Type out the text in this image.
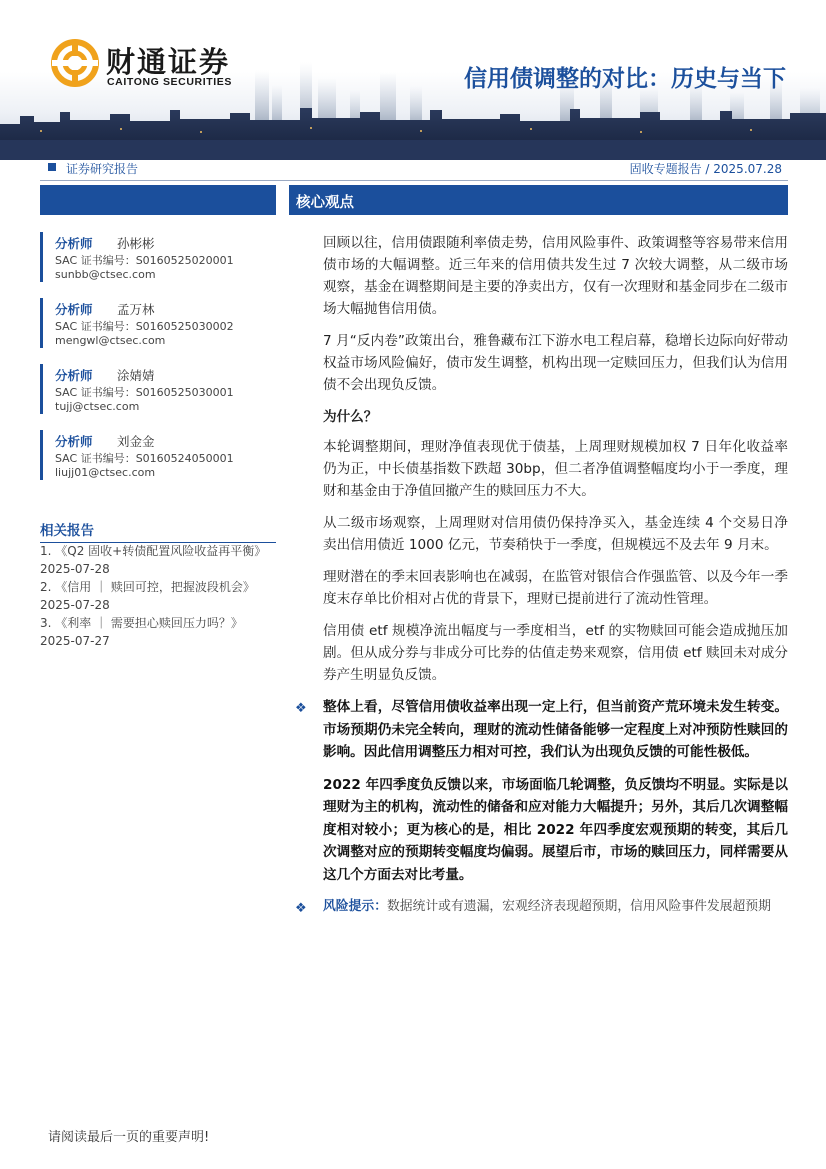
财通证券
CAITONG SECURITIES	信用债调整的对比：历史与当下
证券研究报告	固收专题报告 / 2025.07.28
分析师 孙彬彬
SAC 证书编号：S0160525020001
sunbb@ctsec.com
分析师 孟万林
SAC 证书编号：S0160525030002
mengwl@ctsec.com
分析师 涂婧婧
SAC 证书编号：S0160525030001
tujj@ctsec.com
分析师 刘金金
SAC 证书编号：S0160524050001
liujj01@ctsec.com
相关报告
1. 《Q2 固收+转债配置风险收益再平衡》
2025-07-28
2. 《信用 ｜ 赎回可控，把握波段机会》
2025-07-28
3. 《利率 ｜ 需要担心赎回压力吗？》
2025-07-27
核心观点

回顾以往，信用债跟随利率债走势，信用风险事件、政策调整等容易带来信用债市场的大幅调整。近三年来的信用债共发生过 7 次较大调整，从二级市场观察，基金在调整期间是主要的净卖出方，仅有一次理财和基金同步在二级市场大幅抛售信用债。

7 月“反内卷”政策出台，雅鲁藏布江下游水电工程启幕，稳增长边际向好带动权益市场风险偏好，债市发生调整，机构出现一定赎回压力，但我们认为信用债不会出现负反馈。

为什么？

本轮调整期间，理财净值表现优于债基，上周理财规模加权 7 日年化收益率仍为正，中长债基指数下跌超 30bp，但二者净值调整幅度均小于一季度，理财和基金由于净值回撤产生的赎回压力不大。

从二级市场观察，上周理财对信用债仍保持净买入，基金连续 4 个交易日净卖出信用债近 1000 亿元，节奏稍快于一季度，但规模远不及去年 9 月末。

理财潜在的季末回表影响也在减弱，在监管对银信合作强监管、以及今年一季度末存单比价相对占优的背景下，理财已提前进行了流动性管理。

信用债 etf 规模净流出幅度与一季度相当，etf 的实物赎回可能会造成抛压加剧。但从成分券与非成分可比券的估值走势来观察，信用债 etf 赎回未对成分券产生明显负反馈。

❖ 整体上看，尽管信用债收益率出现一定上行，但当前资产荒环境未发生转变。市场预期仍未完全转向，理财的流动性储备能够一定程度上对冲预防性赎回的影响。因此信用调整压力相对可控，我们认为出现负反馈的可能性极低。
2022 年四季度负反馈以来，市场面临几轮调整，负反馈均不明显。实际是以理财为主的机构，流动性的储备和应对能力大幅提升；另外，其后几次调整幅度相对较小；更为核心的是，相比 2022 年四季度宏观预期的转变，其后几次调整对应的预期转变幅度均偏弱。展望后市，市场的赎回压力，同样需要从这几个方面去对比考量。
❖ 风险提示：数据统计或有遗漏，宏观经济表现超预期，信用风险事件发展超预期
请阅读最后一页的重要声明!
